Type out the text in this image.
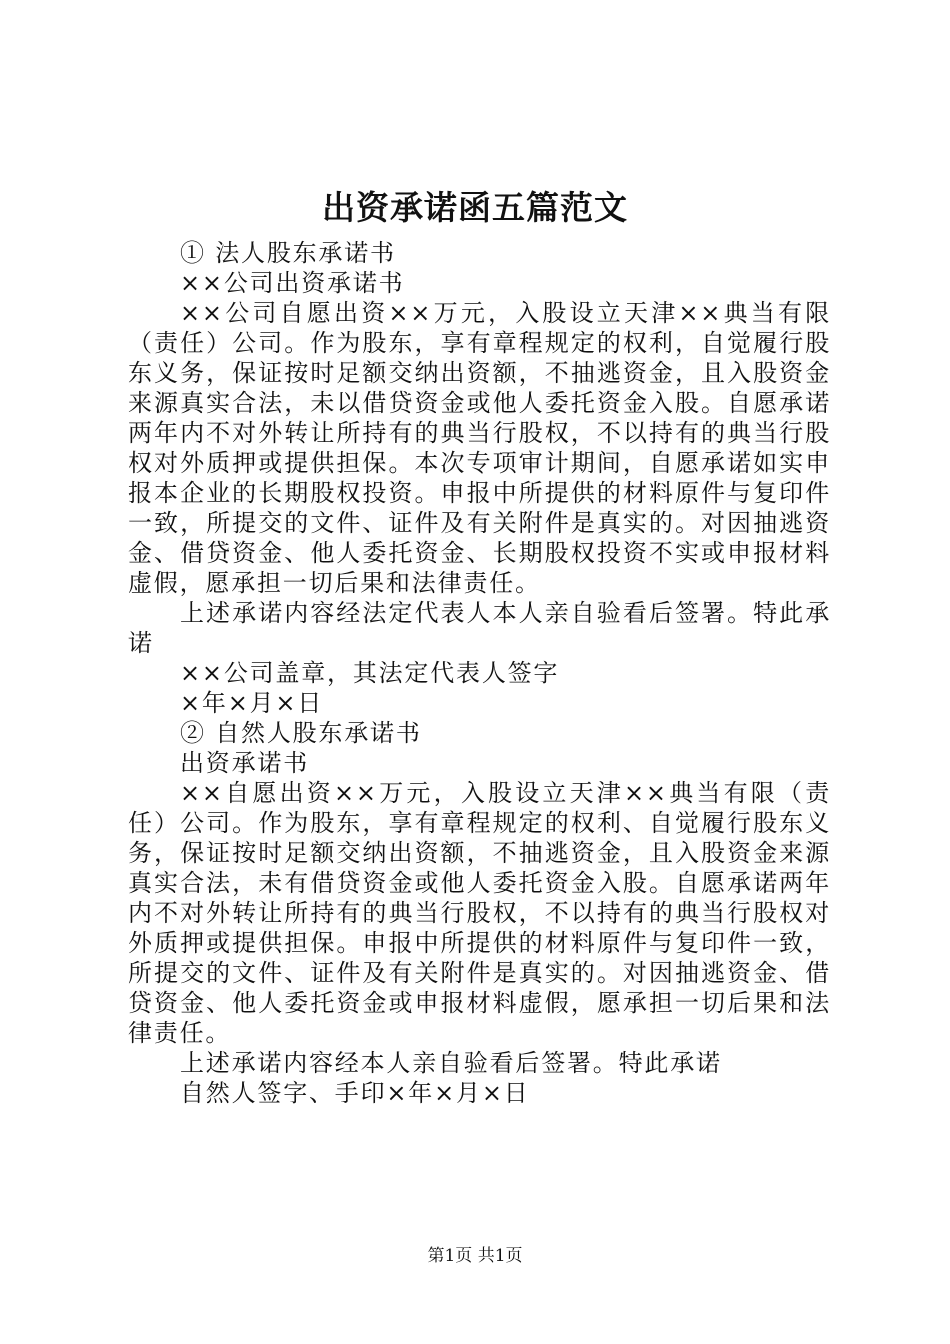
出资承诺函五篇范文

① 法人股东承诺书

××公司出资承诺书

××公司自愿出资××万元，入股设立天津××典当有限（责任）公司。作为股东，享有章程规定的权利，自觉履行股东义务，保证按时足额交纳出资额，不抽逃资金，且入股资金来源真实合法，未以借贷资金或他人委托资金入股。自愿承诺两年内不对外转让所持有的典当行股权，不以持有的典当行股权对外质押或提供担保。本次专项审计期间，自愿承诺如实申报本企业的长期股权投资。申报中所提供的材料原件与复印件一致，所提交的文件、证件及有关附件是真实的。对因抽逃资金、借贷资金、他人委托资金、长期股权投资不实或申报材料虚假，愿承担一切后果和法律责任。

上述承诺内容经法定代表人本人亲自验看后签署。特此承诺

××公司盖章，其法定代表人签字

×年×月×日

② 自然人股东承诺书

出资承诺书

××自愿出资××万元，入股设立天津××典当有限（责任）公司。作为股东，享有章程规定的权利、自觉履行股东义务，保证按时足额交纳出资额，不抽逃资金，且入股资金来源真实合法，未有借贷资金或他人委托资金入股。自愿承诺两年内不对外转让所持有的典当行股权，不以持有的典当行股权对外质押或提供担保。申报中所提供的材料原件与复印件一致，所提交的文件、证件及有关附件是真实的。对因抽逃资金、借贷资金、他人委托资金或申报材料虚假，愿承担一切后果和法律责任。

上述承诺内容经本人亲自验看后签署。特此承诺

自然人签字、手印×年×月×日

第1页 共1页
